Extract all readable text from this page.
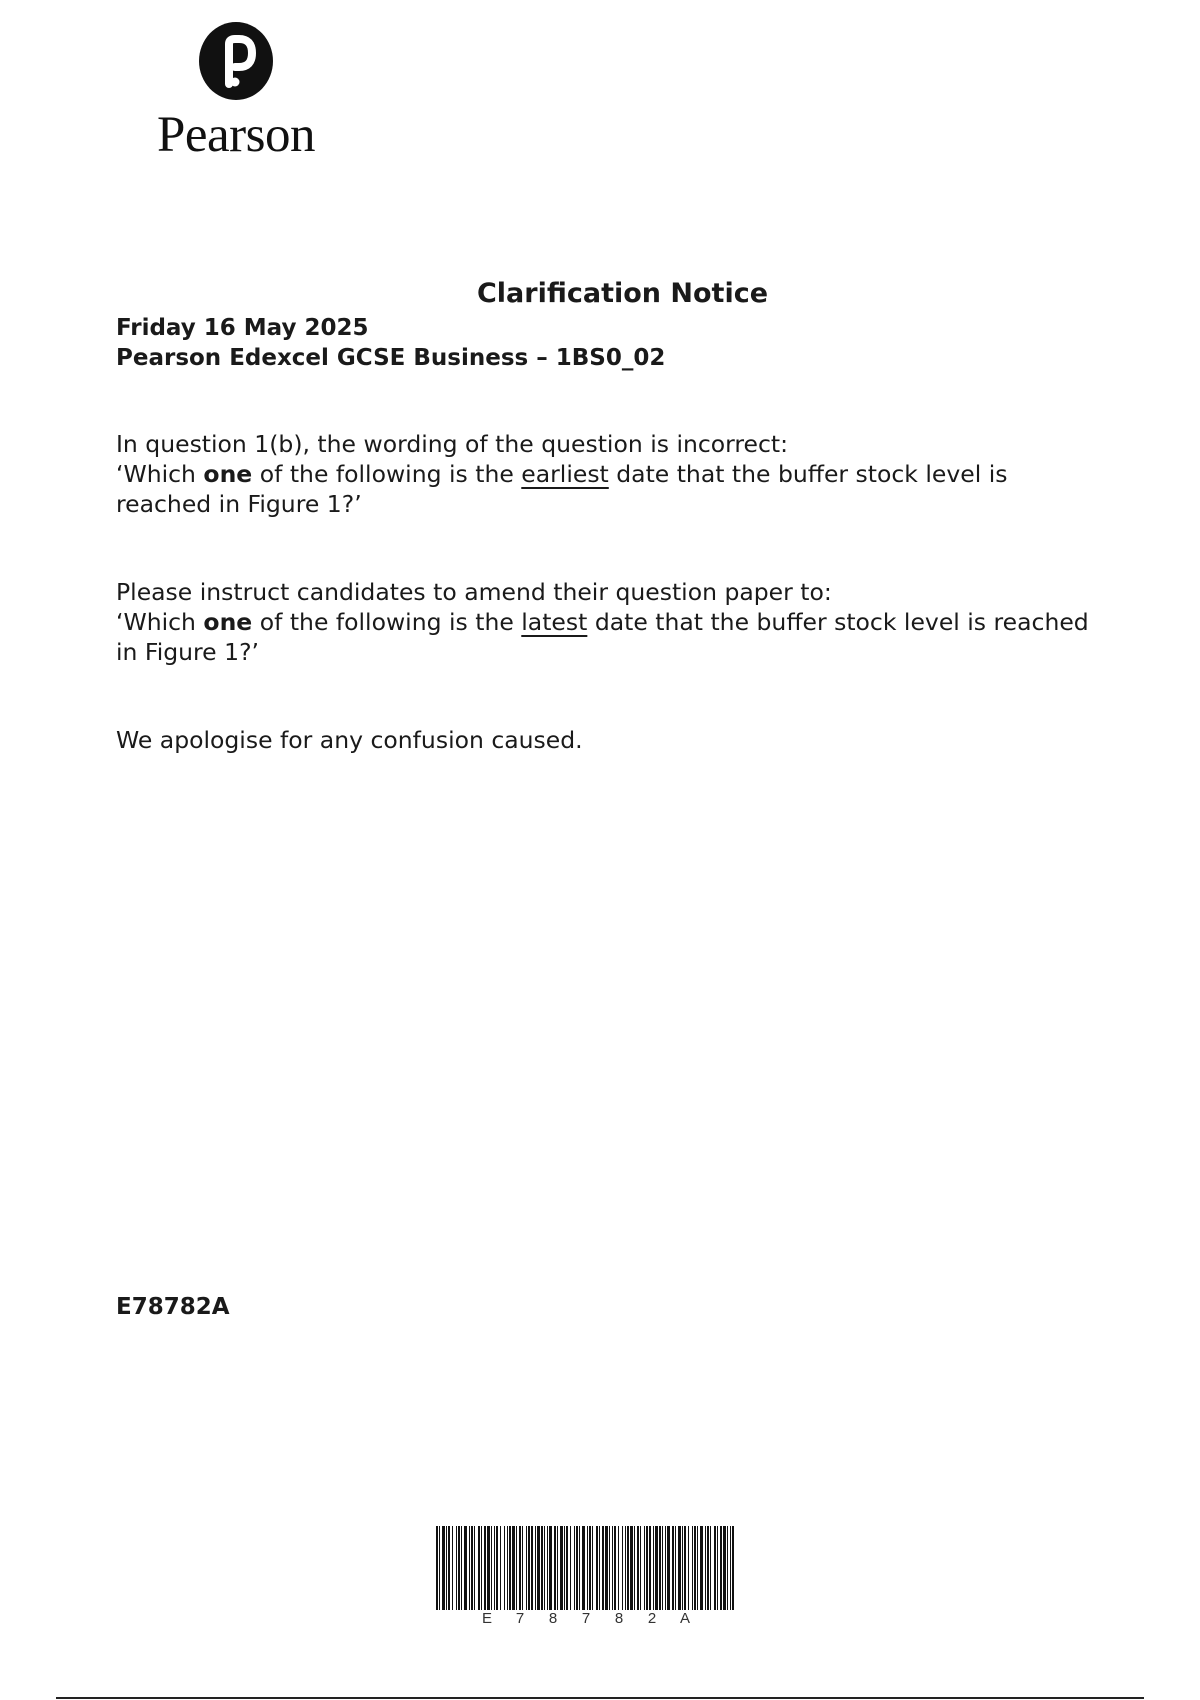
Pearson
Clarification Notice
Friday 16 May 2025
Pearson Edexcel GCSE Business – 1BS0_02
In question 1(b), the wording of the question is incorrect:
‘Which one of the following is the earliest date that the buffer stock level is reached in Figure 1?’
Please instruct candidates to amend their question paper to:
‘Which one of the following is the latest date that the buffer stock level is reached in Figure 1?’
We apologise for any confusion caused.
E78782A
E	7	8	7	8	2	A
